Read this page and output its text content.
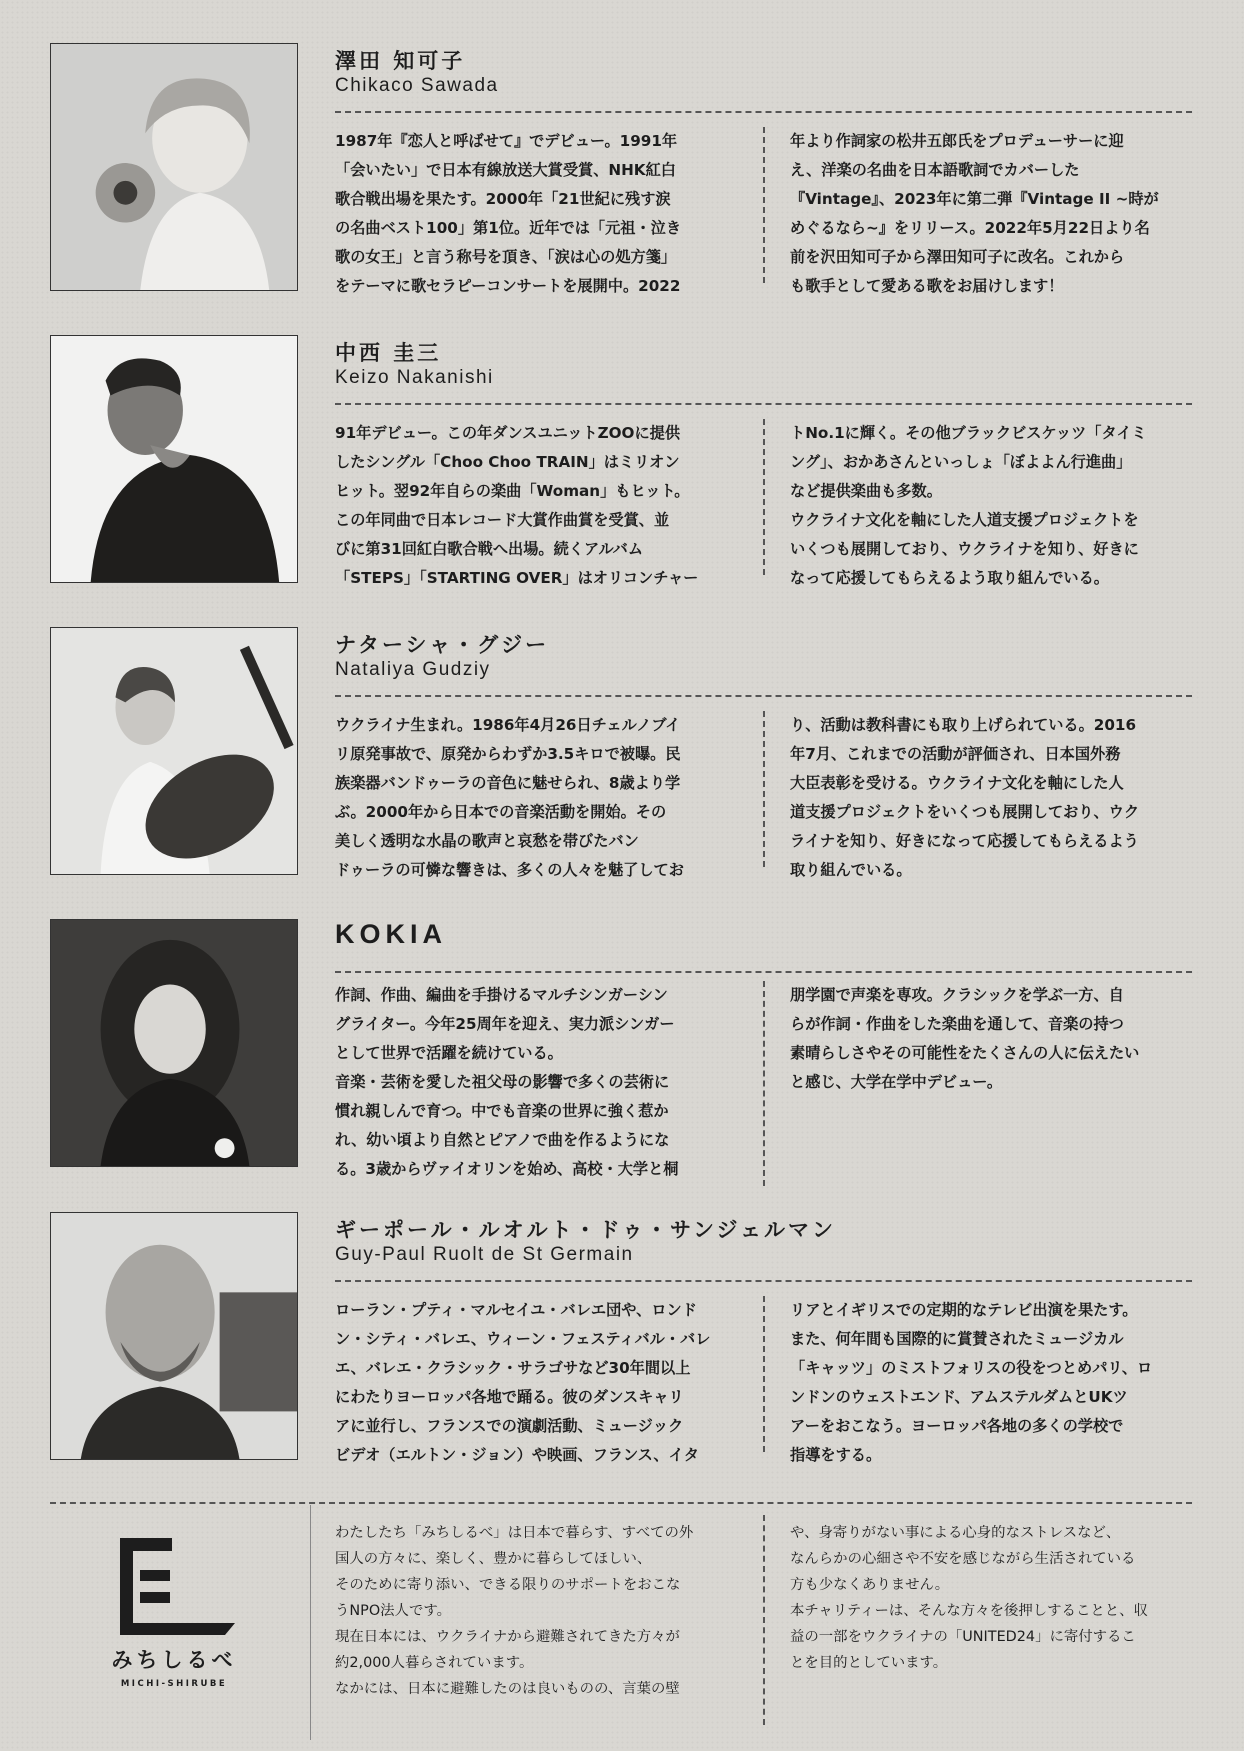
澤田 知可子
Chikaco Sawada
1987年『恋人と呼ばせて』でデビュー。1991年
「会いたい」で日本有線放送大賞受賞、NHK紅白
歌合戦出場を果たす。2000年「21世紀に残す涙
の名曲ベスト100」第1位。近年では「元祖・泣き
歌の女王」と言う称号を頂き、「涙は心の処方箋」
をテーマに歌セラピーコンサートを展開中。2022
年より作詞家の松井五郎氏をプロデューサーに迎
え、洋楽の名曲を日本語歌詞でカバーした
『Vintage』、2023年に第二弾『Vintage II ~時が
めぐるなら~』をリリース。2022年5月22日より名
前を沢田知可子から澤田知可子に改名。これから
も歌手として愛ある歌をお届けします！
中西 圭三
Keizo Nakanishi
91年デビュー。この年ダンスユニットZOOに提供
したシングル「Choo Choo TRAIN」はミリオン
ヒット。翌92年自らの楽曲「Woman」もヒット。
この年同曲で日本レコード大賞作曲賞を受賞、並
びに第31回紅白歌合戦へ出場。続くアルバム
「STEPS」「STARTING OVER」はオリコンチャー
トNo.1に輝く。その他ブラックビスケッツ「タイミ
ング」、おかあさんといっしょ「ぼよよん行進曲」
など提供楽曲も多数。
ウクライナ文化を軸にした人道支援プロジェクトを
いくつも展開しており、ウクライナを知り、好きに
なって応援してもらえるよう取り組んでいる。
ナターシャ・グジー
Nataliya Gudziy
ウクライナ生まれ。1986年4月26日チェルノブイ
リ原発事故で、原発からわずか3.5キロで被曝。民
族楽器バンドゥーラの音色に魅せられ、8歳より学
ぶ。2000年から日本での音楽活動を開始。その
美しく透明な水晶の歌声と哀愁を帯びたバン
ドゥーラの可憐な響きは、多くの人々を魅了してお
り、活動は教科書にも取り上げられている。2016
年7月、これまでの活動が評価され、日本国外務
大臣表彰を受ける。ウクライナ文化を軸にした人
道支援プロジェクトをいくつも展開しており、ウク
ライナを知り、好きになって応援してもらえるよう
取り組んでいる。
KOKIA
作詞、作曲、編曲を手掛けるマルチシンガーシン
グライター。今年25周年を迎え、実力派シンガー
として世界で活躍を続けている。
音楽・芸術を愛した祖父母の影響で多くの芸術に
慣れ親しんで育つ。中でも音楽の世界に強く惹か
れ、幼い頃より自然とピアノで曲を作るようにな
る。3歳からヴァイオリンを始め、高校・大学と桐
朋学園で声楽を専攻。クラシックを学ぶ一方、自
らが作詞・作曲をした楽曲を通して、音楽の持つ
素晴らしさやその可能性をたくさんの人に伝えたい
と感じ、大学在学中デビュー。
ギーポール・ルオルト・ドゥ・サンジェルマン
Guy-Paul Ruolt de St Germain
ローラン・プティ・マルセイユ・バレエ団や、ロンド
ン・シティ・バレエ、ウィーン・フェスティバル・バレ
エ、バレエ・クラシック・サラゴサなど30年間以上
にわたりヨーロッパ各地で踊る。彼のダンスキャリ
アに並行し、フランスでの演劇活動、ミュージック
ビデオ（エルトン・ジョン）や映画、フランス、イタ
リアとイギリスでの定期的なテレビ出演を果たす。
また、何年間も国際的に賞賛されたミュージカル
「キャッツ」のミストフォリスの役をつとめパリ、ロ
ンドンのウェストエンド、アムステルダムとUKツ
アーをおこなう。ヨーロッパ各地の多くの学校で
指導をする。
みちしるべ
MICHI-SHIRUBE
わたしたち「みちしるべ」は日本で暮らす、すべての外
国人の方々に、楽しく、豊かに暮らしてほしい、
そのために寄り添い、できる限りのサポートをおこな
うNPO法人です。
現在日本には、ウクライナから避難されてきた方々が
約2,000人暮らされています。
なかには、日本に避難したのは良いものの、言葉の壁
や、身寄りがない事による心身的なストレスなど、
なんらかの心細さや不安を感じながら生活されている
方も少なくありません。
本チャリティーは、そんな方々を後押しすることと、収
益の一部をウクライナの「UNITED24」に寄付するこ
とを目的としています。
